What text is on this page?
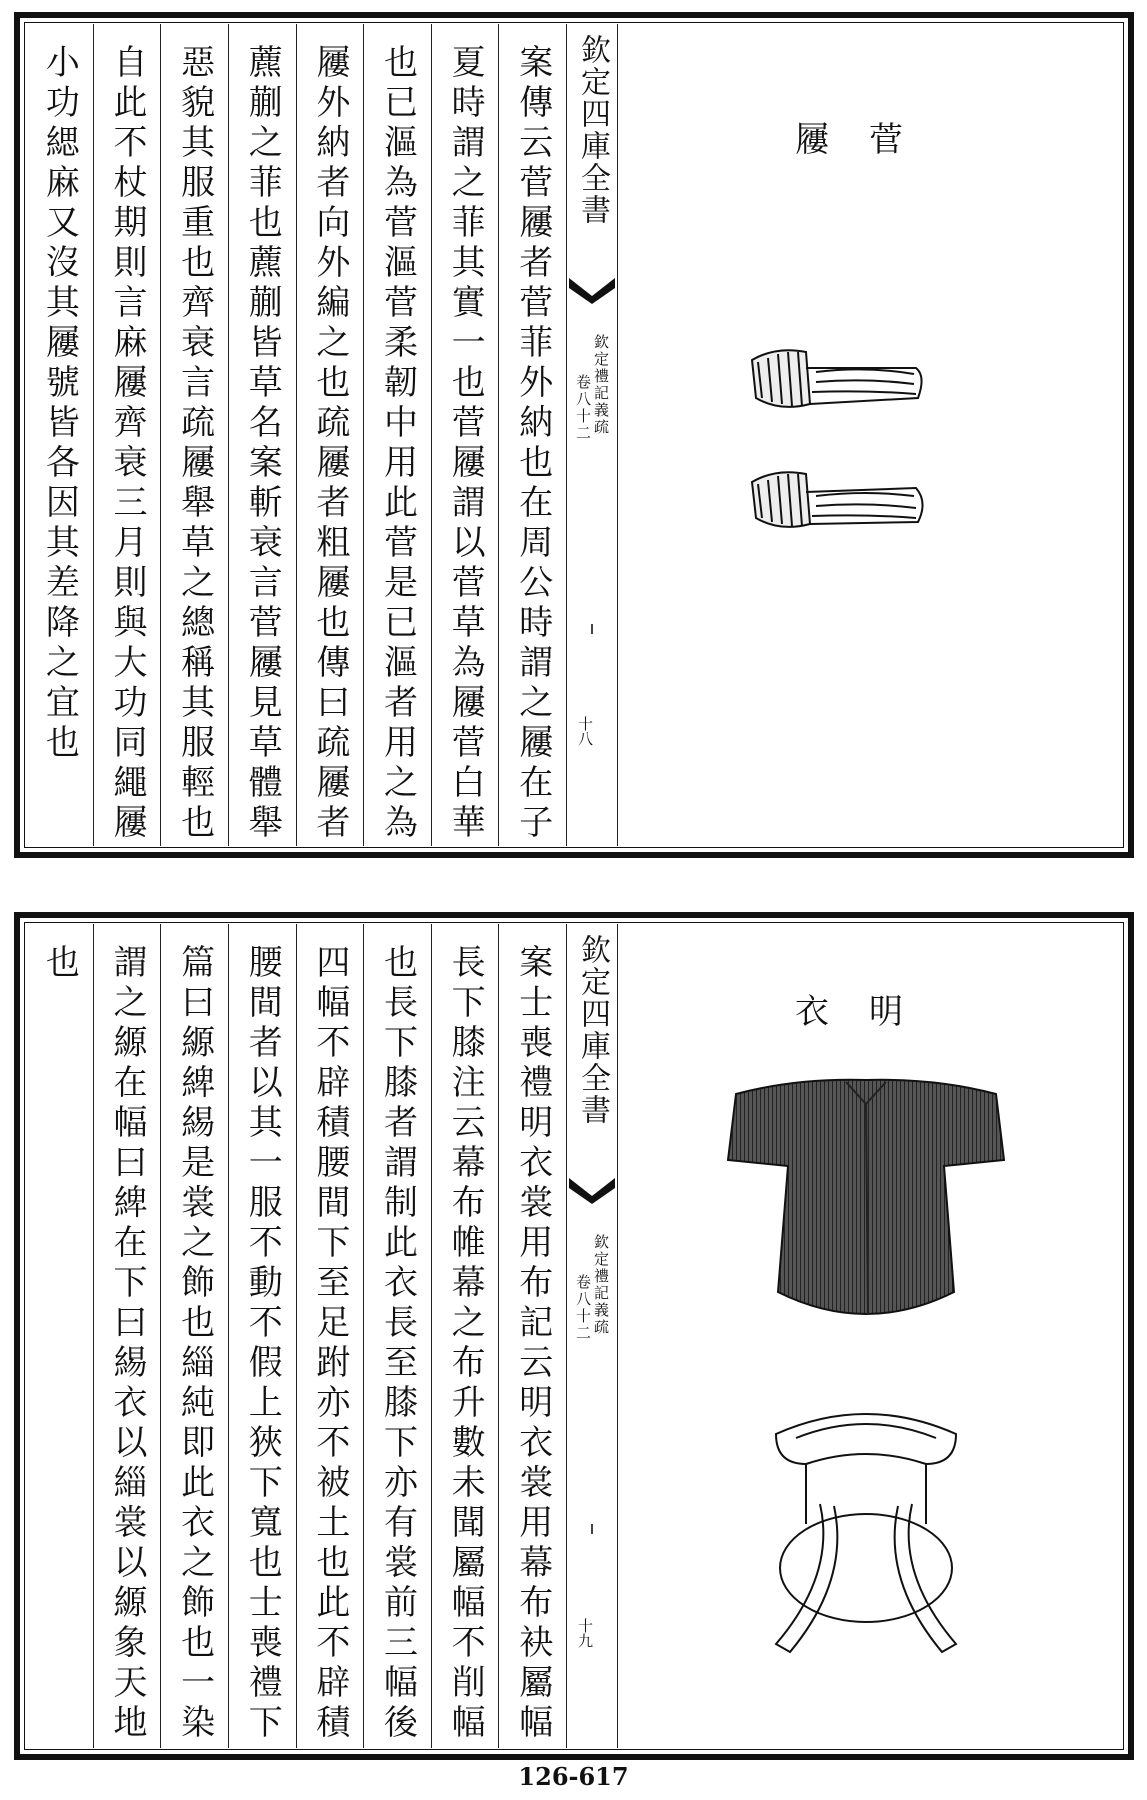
案傳云菅屨者菅菲外納也在周公時謂之屨在子
夏時謂之菲其實一也菅屨謂以菅草為屨菅白華
也已漚為菅漚菅柔韌中用此菅是已漚者用之為
屨外納者向外編之也疏屨者粗屨也傳曰疏屨者
藨蒯之菲也藨蒯皆草名案斬衰言菅屨見草體舉
惡貌其服重也齊衰言疏屨舉草之總稱其服輕也
自此不杖期則言麻屨齊衰三月則與大功同繩屨
小功緦麻又沒其屨號皆各因其差降之宜也	欽定四庫全書
欽定禮記義疏
卷八十二
十八
菅屨
案士喪禮明衣裳用布記云明衣裳用幕布袂屬幅
長下膝注云幕布帷幕之布升數未聞屬幅不削幅
也長下膝者謂制此衣長至膝下亦有裳前三幅後
四幅不辟積腰間下至足跗亦不被土也此不辟積
腰間者以其一服不動不假上狹下寬也士喪禮下
篇曰縓綼緆是裳之飾也緇純即此衣之飾也一染
謂之縓在幅曰綼在下曰緆衣以緇裳以縓象天地
也	欽定四庫全書
欽定禮記義疏
卷八十二
十九
明衣
126-617
